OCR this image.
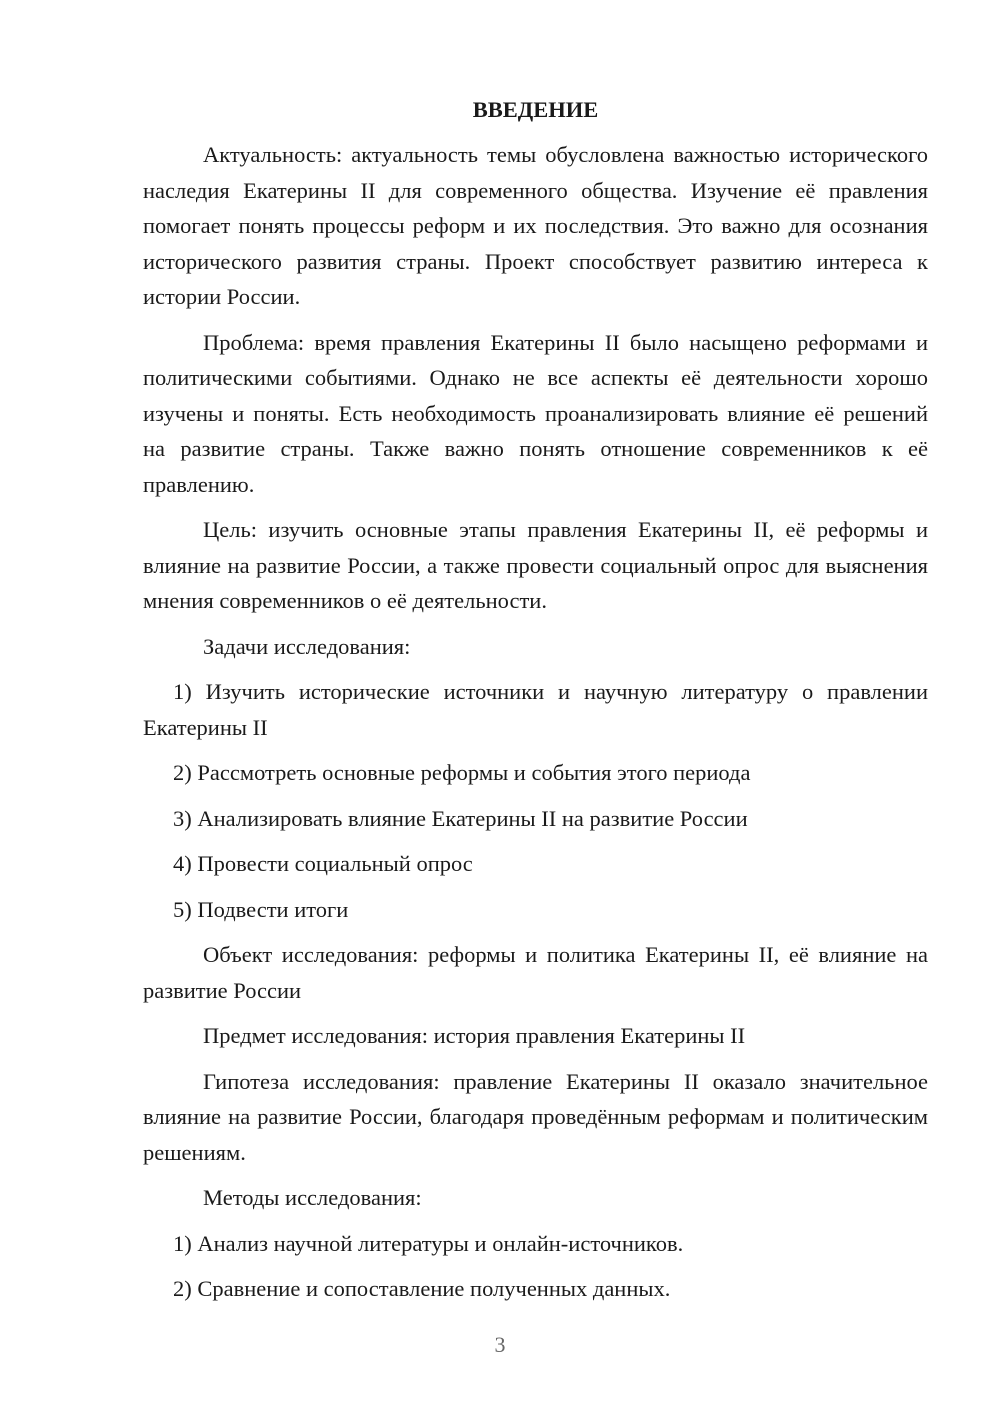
ВВЕДЕНИЕ

Актуальность: актуальность темы обусловлена важностью исторического наследия Екатерины II для современного общества. Изучение её правления помогает понять процессы реформ и их последствия. Это важно для осознания исторического развития страны. Проект способствует развитию интереса к истории России.

Проблема: время правления Екатерины II было насыщено реформами и политическими событиями. Однако не все аспекты её деятельности хорошо изучены и поняты. Есть необходимость проанализировать влияние её решений на развитие страны. Также важно понять отношение современников к её правлению.

Цель: изучить основные этапы правления Екатерины II, её реформы и влияние на развитие России, а также провести социальный опрос для выяснения мнения современников о её деятельности.

Задачи исследования:

1) Изучить исторические источники и научную литературу о правлении Екатерины II

2) Рассмотреть основные реформы и события этого периода

3) Анализировать влияние Екатерины II на развитие России

4) Провести социальный опрос

5) Подвести итоги

Объект исследования: реформы и политика Екатерины II, её влияние на развитие России

Предмет исследования: история правления Екатерины II

Гипотеза исследования: правление Екатерины II оказало значительное влияние на развитие России, благодаря проведённым реформам и политическим решениям.

Методы исследования:

1) Анализ научной литературы и онлайн-источников.

2) Сравнение и сопоставление полученных данных.

3
